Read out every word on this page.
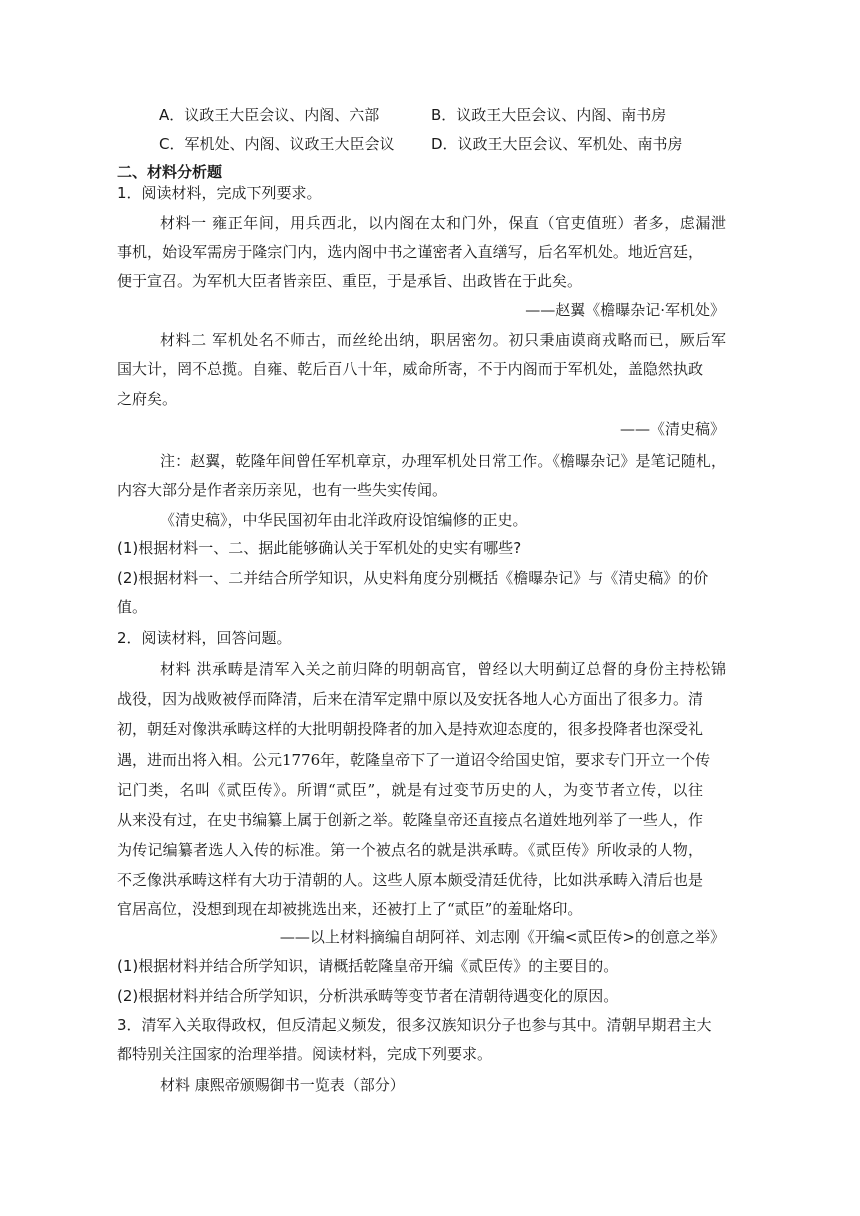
A．议政王大臣会议、内阁、六部	B．议政王大臣会议、内阁、南书房
C．军机处、内阁、议政王大臣会议 D．议政王大臣会议、军机处、南书房
二、材料分析题
1．阅读材料，完成下列要求。
材料一 雍正年间，用兵西北，以内阁在太和门外，保直（官吏值班）者多，虑漏泄
事机，始设军需房于隆宗门内，选内阁中书之谨密者入直缮写，后名军机处。地近宫廷，
便于宣召。为军机大臣者皆亲臣、重臣，于是承旨、出政皆在于此矣。
——赵翼《檐曝杂记·军机处》
材料二 军机处名不师古，而丝纶出纳，职居密勿。初只秉庙谟商戎略而已，厥后军
国大计，罔不总揽。自雍、乾后百八十年，威命所寄，不于内阁而于军机处，盖隐然执政
之府矣。
——《清史稿》
注：赵翼，乾隆年间曾任军机章京，办理军机处日常工作。《檐曝杂记》是笔记随札，
内容大部分是作者亲历亲见，也有一些失实传闻。
《清史稿》，中华民国初年由北洋政府设馆编修的正史。
(1)根据材料一、二、据此能够确认关于军机处的史实有哪些?
(2)根据材料一、二并结合所学知识，从史料角度分别概括《檐曝杂记》与《清史稿》的价
值。
2．阅读材料，回答问题。
材料 洪承畴是清军入关之前归降的明朝高官，曾经以大明蓟辽总督的身份主持松锦
战役，因为战败被俘而降清，后来在清军定鼎中原以及安抚各地人心方面出了很多力。清
初，朝廷对像洪承畴这样的大批明朝投降者的加入是持欢迎态度的，很多投降者也深受礼
遇，进而出将入相。公元1776年，乾隆皇帝下了一道诏令给国史馆，要求专门开立一个传
记门类，名叫《贰臣传》。所谓“贰臣”，就是有过变节历史的人，为变节者立传，以往
从来没有过，在史书编纂上属于创新之举。乾隆皇帝还直接点名道姓地列举了一些人，作
为传记编纂者选人入传的标准。第一个被点名的就是洪承畴。《贰臣传》所收录的人物，
不乏像洪承畴这样有大功于清朝的人。这些人原本颇受清廷优待，比如洪承畴入清后也是
官居高位，没想到现在却被挑选出来，还被打上了“贰臣”的羞耻烙印。
——以上材料摘编自胡阿祥、刘志刚《开编<贰臣传>的创意之举》
(1)根据材料并结合所学知识，请概括乾隆皇帝开编《贰臣传》的主要目的。
(2)根据材料并结合所学知识，分析洪承畴等变节者在清朝待遇变化的原因。
3．清军入关取得政权，但反清起义频发，很多汉族知识分子也参与其中。清朝早期君主大
都特别关注国家的治理举措。阅读材料，完成下列要求。
材料 康熙帝颁赐御书一览表（部分）
